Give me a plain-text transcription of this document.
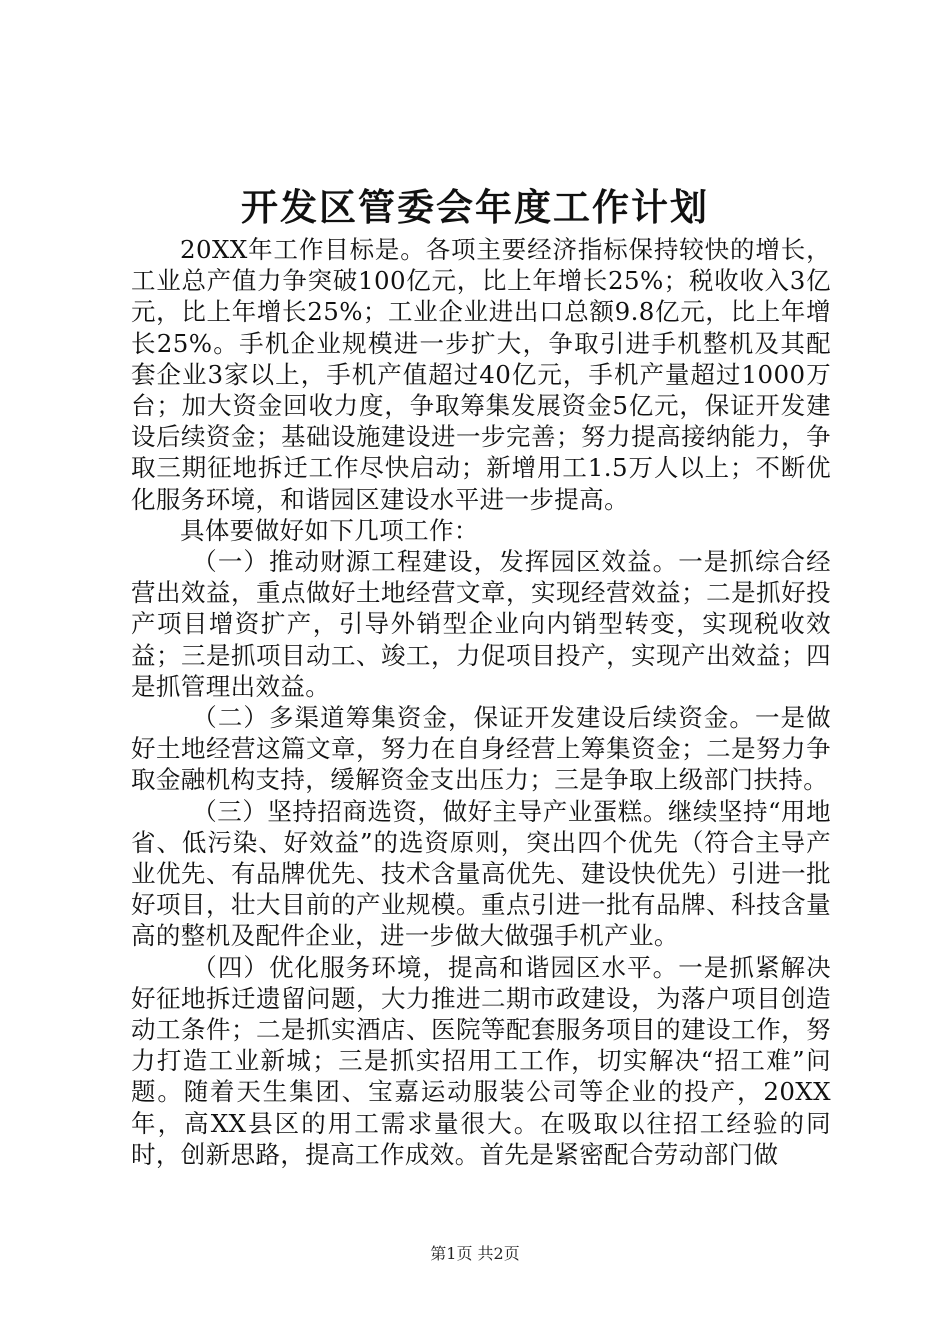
开发区管委会年度工作计划

20XX年工作目标是。各项主要经济指标保持较快的增长，工业总产值力争突破100亿元，比上年增长25%；税收收入3亿元，比上年增长25%；工业企业进出口总额9.8亿元，比上年增长25%。手机企业规模进一步扩大，争取引进手机整机及其配套企业3家以上，手机产值超过40亿元，手机产量超过1000万台；加大资金回收力度，争取筹集发展资金5亿元，保证开发建设后续资金；基础设施建设进一步完善；努力提高接纳能力，争取三期征地拆迁工作尽快启动；新增用工1.5万人以上；不断优化服务环境，和谐园区建设水平进一步提高。

具体要做好如下几项工作：

（一）推动财源工程建设，发挥园区效益。一是抓综合经营出效益，重点做好土地经营文章，实现经营效益；二是抓好投产项目增资扩产，引导外销型企业向内销型转变，实现税收效益；三是抓项目动工、竣工，力促项目投产，实现产出效益；四是抓管理出效益。

（二）多渠道筹集资金，保证开发建设后续资金。一是做好土地经营这篇文章，努力在自身经营上筹集资金；二是努力争取金融机构支持，缓解资金支出压力；三是争取上级部门扶持。

（三）坚持招商选资，做好主导产业蛋糕。继续坚持“用地省、低污染、好效益”的选资原则，突出四个优先（符合主导产业优先、有品牌优先、技术含量高优先、建设快优先）引进一批好项目，壮大目前的产业规模。重点引进一批有品牌、科技含量高的整机及配件企业，进一步做大做强手机产业。

（四）优化服务环境，提高和谐园区水平。一是抓紧解决好征地拆迁遗留问题，大力推进二期市政建设，为落户项目创造动工条件；二是抓实酒店、医院等配套服务项目的建设工作，努力打造工业新城；三是抓实招用工工作，切实解决“招工难”问题。随着天生集团、宝嘉运动服装公司等企业的投产，20XX年，高XX县区的用工需求量很大。在吸取以往招工经验的同时，创新思路，提高工作成效。首先是紧密配合劳动部门做

第1页 共2页
